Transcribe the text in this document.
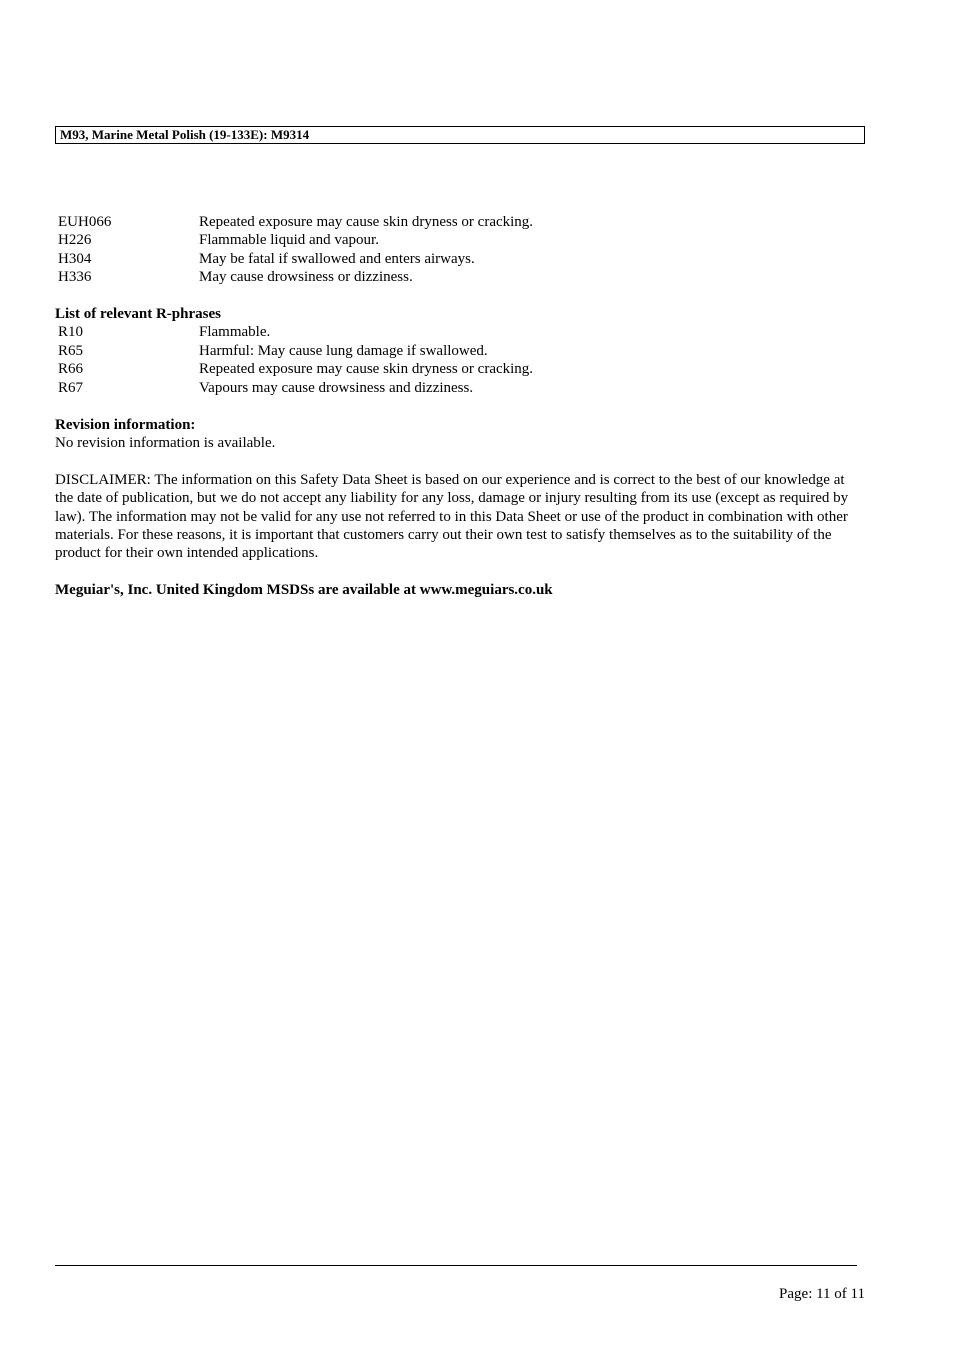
M93, Marine Metal Polish (19-133E): M9314
EUH066	Repeated exposure may cause skin dryness or cracking.
H226	Flammable liquid and vapour.
H304	May be fatal if swallowed and enters airways.
H336	May cause drowsiness or dizziness.
List of relevant R-phrases
R10	Flammable.
R65	Harmful: May cause lung damage if swallowed.
R66	Repeated exposure may cause skin dryness or cracking.
R67	Vapours may cause drowsiness and dizziness.
Revision information:
No revision information is available.
DISCLAIMER: The information on this Safety Data Sheet is based on our experience and is correct to the best of our knowledge at the date of publication, but we do not accept any liability for any loss, damage or injury resulting from its use (except as required by law). The information may not be valid for any use not referred to in this Data Sheet or use of the product in combination with other materials. For these reasons, it is important that customers carry out their own test to satisfy themselves as to the suitability of the product for their own intended applications.
Meguiar's, Inc. United Kingdom MSDSs are available at www.meguiars.co.uk
Page: 11 of 11
